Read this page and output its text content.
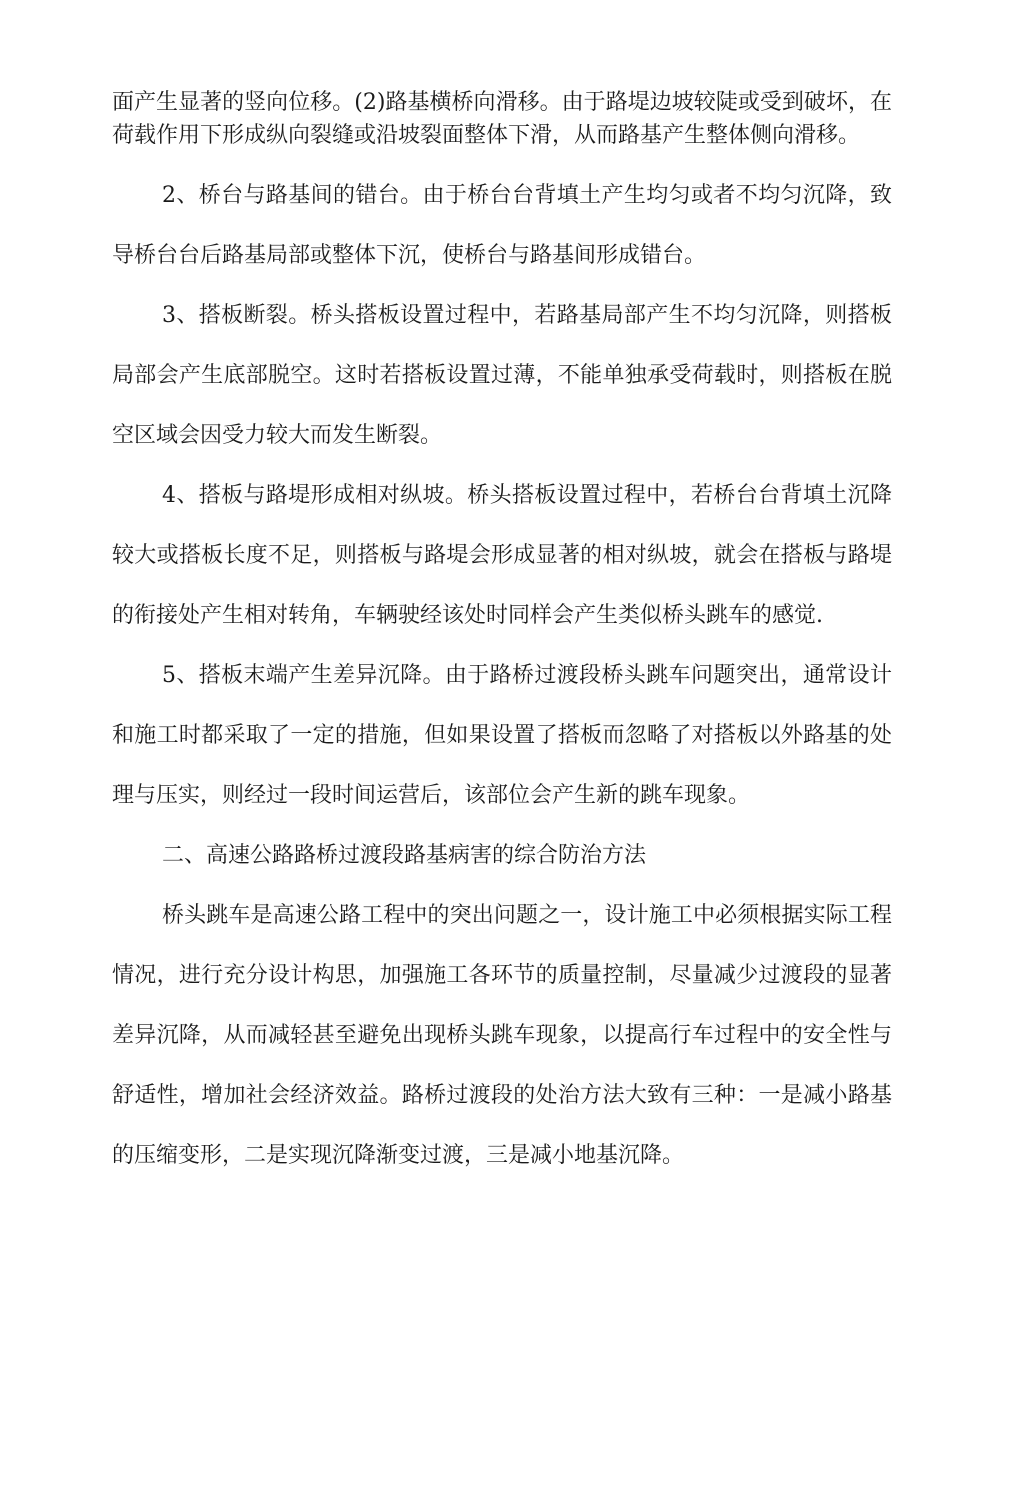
面产生显著的竖向位移。(2)路基横桥向滑移。由于路堤边坡较陡或受到破坏，在荷载作用下形成纵向裂缝或沿坡裂面整体下滑，从而路基产生整体侧向滑移。

2、桥台与路基间的错台。由于桥台台背填土产生均匀或者不均匀沉降，致导桥台台后路基局部或整体下沉，使桥台与路基间形成错台。

3、搭板断裂。桥头搭板设置过程中，若路基局部产生不均匀沉降，则搭板局部会产生底部脱空。这时若搭板设置过薄，不能单独承受荷载时，则搭板在脱空区域会因受力较大而发生断裂。

4、搭板与路堤形成相对纵坡。桥头搭板设置过程中，若桥台台背填土沉降较大或搭板长度不足，则搭板与路堤会形成显著的相对纵坡，就会在搭板与路堤的衔接处产生相对转角，车辆驶经该处时同样会产生类似桥头跳车的感觉.

5、搭板末端产生差异沉降。由于路桥过渡段桥头跳车问题突出，通常设计和施工时都采取了一定的措施，但如果设置了搭板而忽略了对搭板以外路基的处理与压实，则经过一段时间运营后，该部位会产生新的跳车现象。

二、高速公路路桥过渡段路基病害的综合防治方法

桥头跳车是高速公路工程中的突出问题之一，设计施工中必须根据实际工程情况，进行充分设计构思，加强施工各环节的质量控制，尽量减少过渡段的显著差异沉降，从而减轻甚至避免出现桥头跳车现象，以提高行车过程中的安全性与舒适性，增加社会经济效益。路桥过渡段的处治方法大致有三种：一是减小路基的压缩变形，二是实现沉降渐变过渡，三是减小地基沉降。
